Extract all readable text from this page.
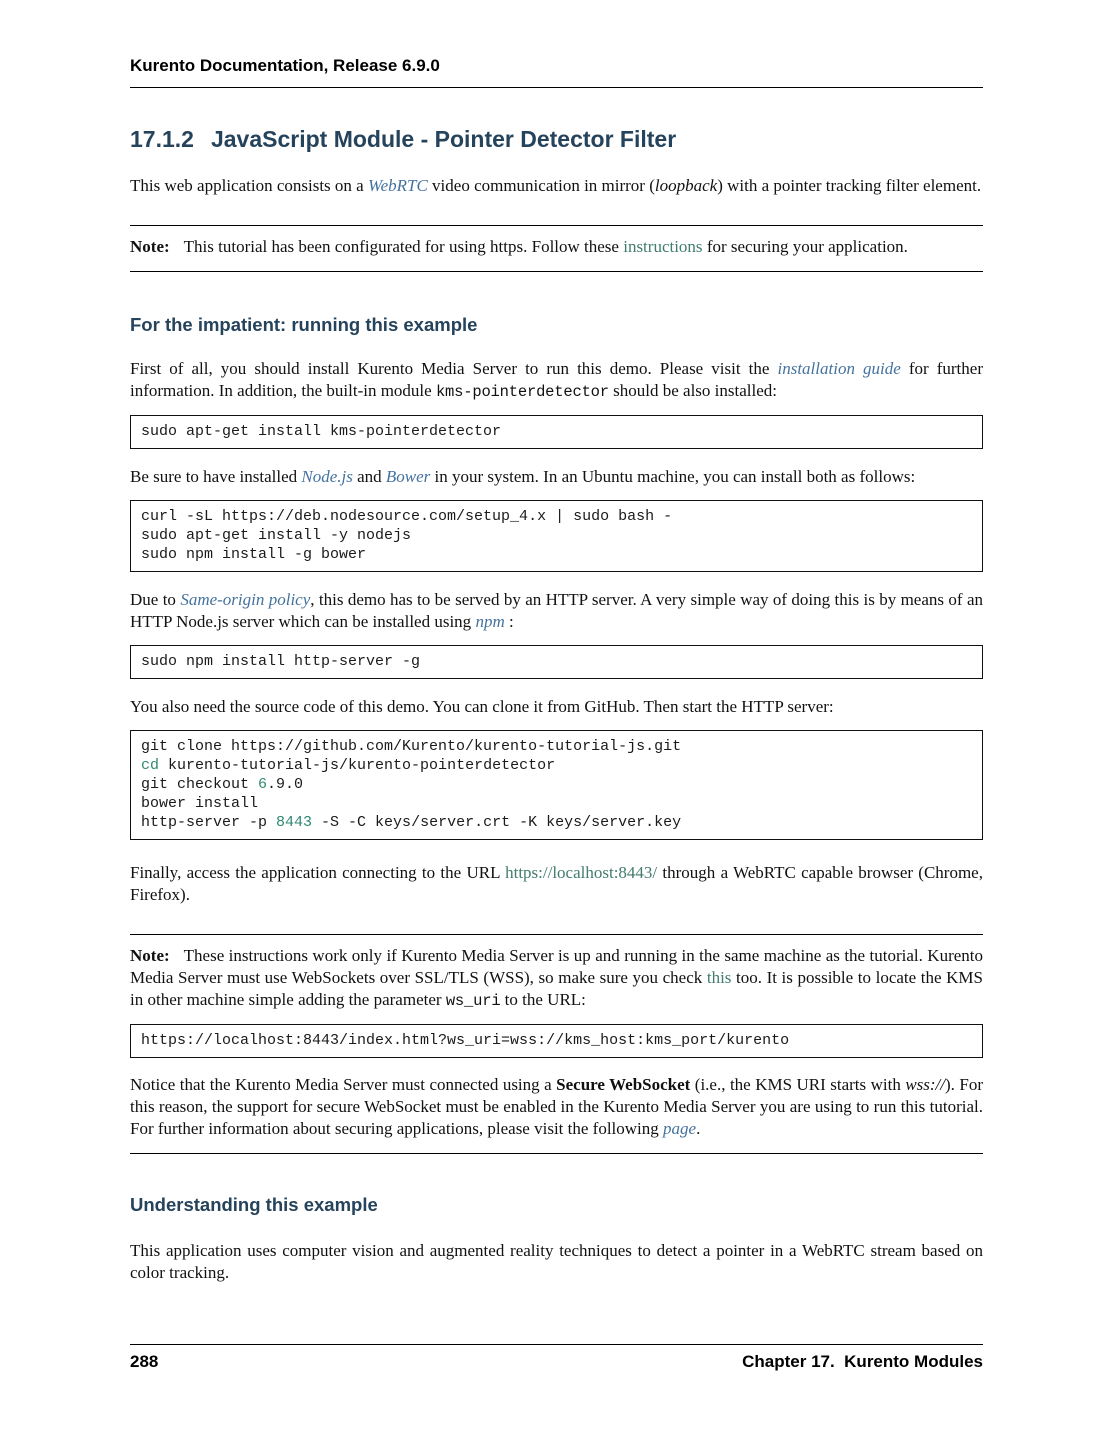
Kurento Documentation, Release 6.9.0
17.1.2 JavaScript Module - Pointer Detector Filter

This web application consists on a WebRTC video communication in mirror (loopback) with a pointer tracking filter element.

Note: This tutorial has been configurated for using https. Follow these instructions for securing your application.

For the impatient: running this example

First of all, you should install Kurento Media Server to run this demo. Please visit the installation guide for further information. In addition, the built-in module kms-pointerdetector should be also installed:

sudo apt-get install kms-pointerdetector

Be sure to have installed Node.js and Bower in your system. In an Ubuntu machine, you can install both as follows:

curl -sL https://deb.nodesource.com/setup_4.x | sudo bash -
sudo apt-get install -y nodejs
sudo npm install -g bower

Due to Same-origin policy, this demo has to be served by an HTTP server. A very simple way of doing this is by means of an HTTP Node.js server which can be installed using npm :

sudo npm install http-server -g

You also need the source code of this demo. You can clone it from GitHub. Then start the HTTP server:

git clone https://github.com/Kurento/kurento-tutorial-js.git
cd kurento-tutorial-js/kurento-pointerdetector
git checkout 6.9.0
bower install
http-server -p 8443 -S -C keys/server.crt -K keys/server.key

Finally, access the application connecting to the URL https://localhost:8443/ through a WebRTC capable browser (Chrome, Firefox).

Note: These instructions work only if Kurento Media Server is up and running in the same machine as the tutorial. Kurento Media Server must use WebSockets over SSL/TLS (WSS), so make sure you check this too. It is possible to locate the KMS in other machine simple adding the parameter ws_uri to the URL:

https://localhost:8443/index.html?ws_uri=wss://kms_host:kms_port/kurento

Notice that the Kurento Media Server must connected using a Secure WebSocket (i.e., the KMS URI starts with wss://). For this reason, the support for secure WebSocket must be enabled in the Kurento Media Server you are using to run this tutorial. For further information about securing applications, please visit the following page.

Understanding this example

This application uses computer vision and augmented reality techniques to detect a pointer in a WebRTC stream based on color tracking.

288	Chapter 17. Kurento Modules
